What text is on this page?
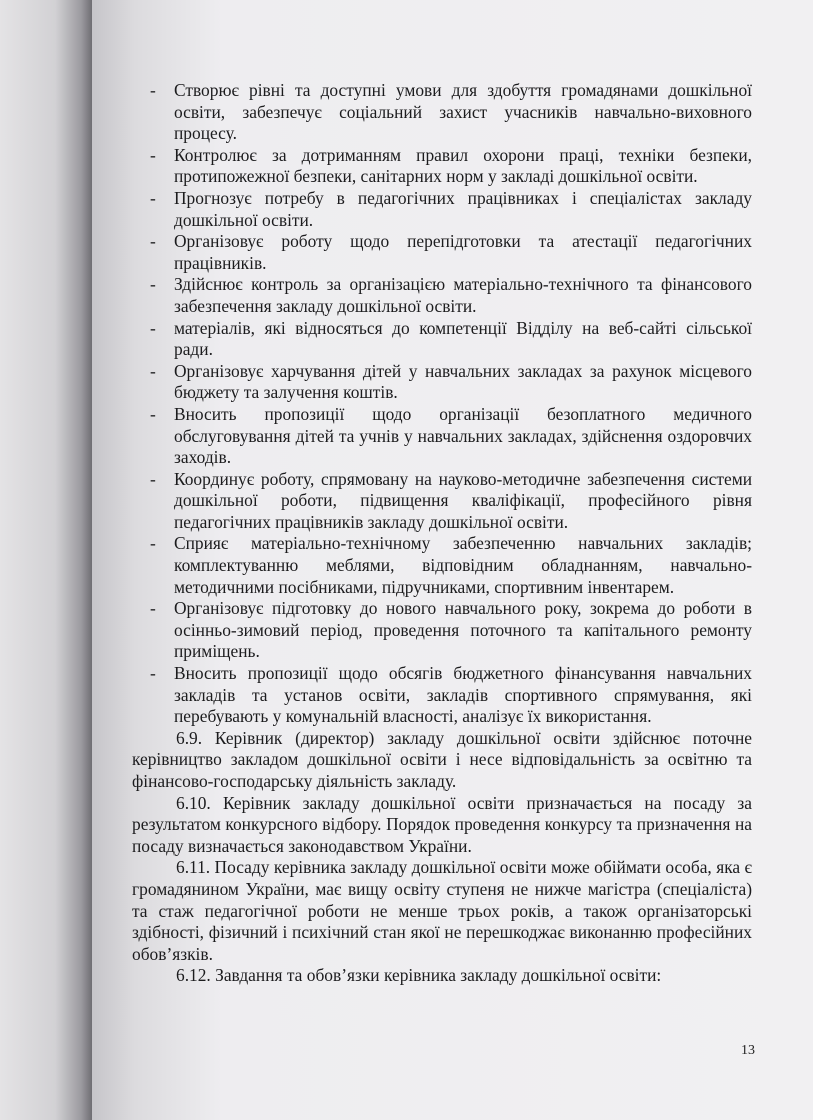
-	Створює рівні та доступні умови для здобуття громадянами дошкільної освіти, забезпечує соціальний захист учасників навчально-виховного процесу.
-	Контролює за дотриманням правил охорони праці, техніки безпеки, протипожежної безпеки, санітарних норм у закладі дошкільної освіти.
-	Прогнозує потребу в педагогічних працівниках і спеціалістах закладу дошкільної освіти.
-	Організовує роботу щодо перепідготовки та атестації педагогічних працівників.
-	Здійснює контроль за організацією матеріально-технічного та фінансового забезпечення закладу дошкільної освіти.
-	матеріалів, які відносяться до компетенції Відділу на веб-сайті сільської ради.
-	Організовує харчування дітей у навчальних закладах за рахунок місцевого бюджету та залучення коштів.
-	Вносить пропозиції щодо організації безоплатного медичного обслуговування дітей та учнів у навчальних закладах, здійснення оздоровчих заходів.
-	Координує роботу, спрямовану на науково-методичне забезпечення системи дошкільної роботи, підвищення кваліфікації, професійного рівня педагогічних працівників закладу дошкільної освіти.
-	Сприяє матеріально-технічному забезпеченню навчальних закладів; комплектуванню меблями, відповідним обладнанням, навчально-методичними посібниками, підручниками, спортивним інвентарем.
-	Організовує підготовку до нового навчального року, зокрема до роботи в осінньо-зимовий період, проведення поточного та капітального ремонту приміщень.
-	Вносить пропозиції щодо обсягів бюджетного фінансування навчальних закладів та установ освіти, закладів спортивного спрямування, які перебувають у комунальній власності, аналізує їх використання.
6.9. Керівник (директор) закладу дошкільної освіти здійснює поточне керівництво закладом дошкільної освіти і несе відповідальність за освітню та фінансово-господарську діяльність закладу.
6.10. Керівник закладу дошкільної освіти призначається на посаду за результатом конкурсного відбору. Порядок проведення конкурсу та призначення на посаду визначається законодавством України.
6.11. Посаду керівника закладу дошкільної освіти може обіймати особа, яка є громадянином України, має вищу освіту ступеня не нижче магістра (спеціаліста) та стаж педагогічної роботи не менше трьох років, а також організаторські здібності, фізичний і психічний стан якої не перешкоджає виконанню професійних обов’язків.
6.12. Завдання та обов’язки керівника закладу дошкільної освіти:
13
